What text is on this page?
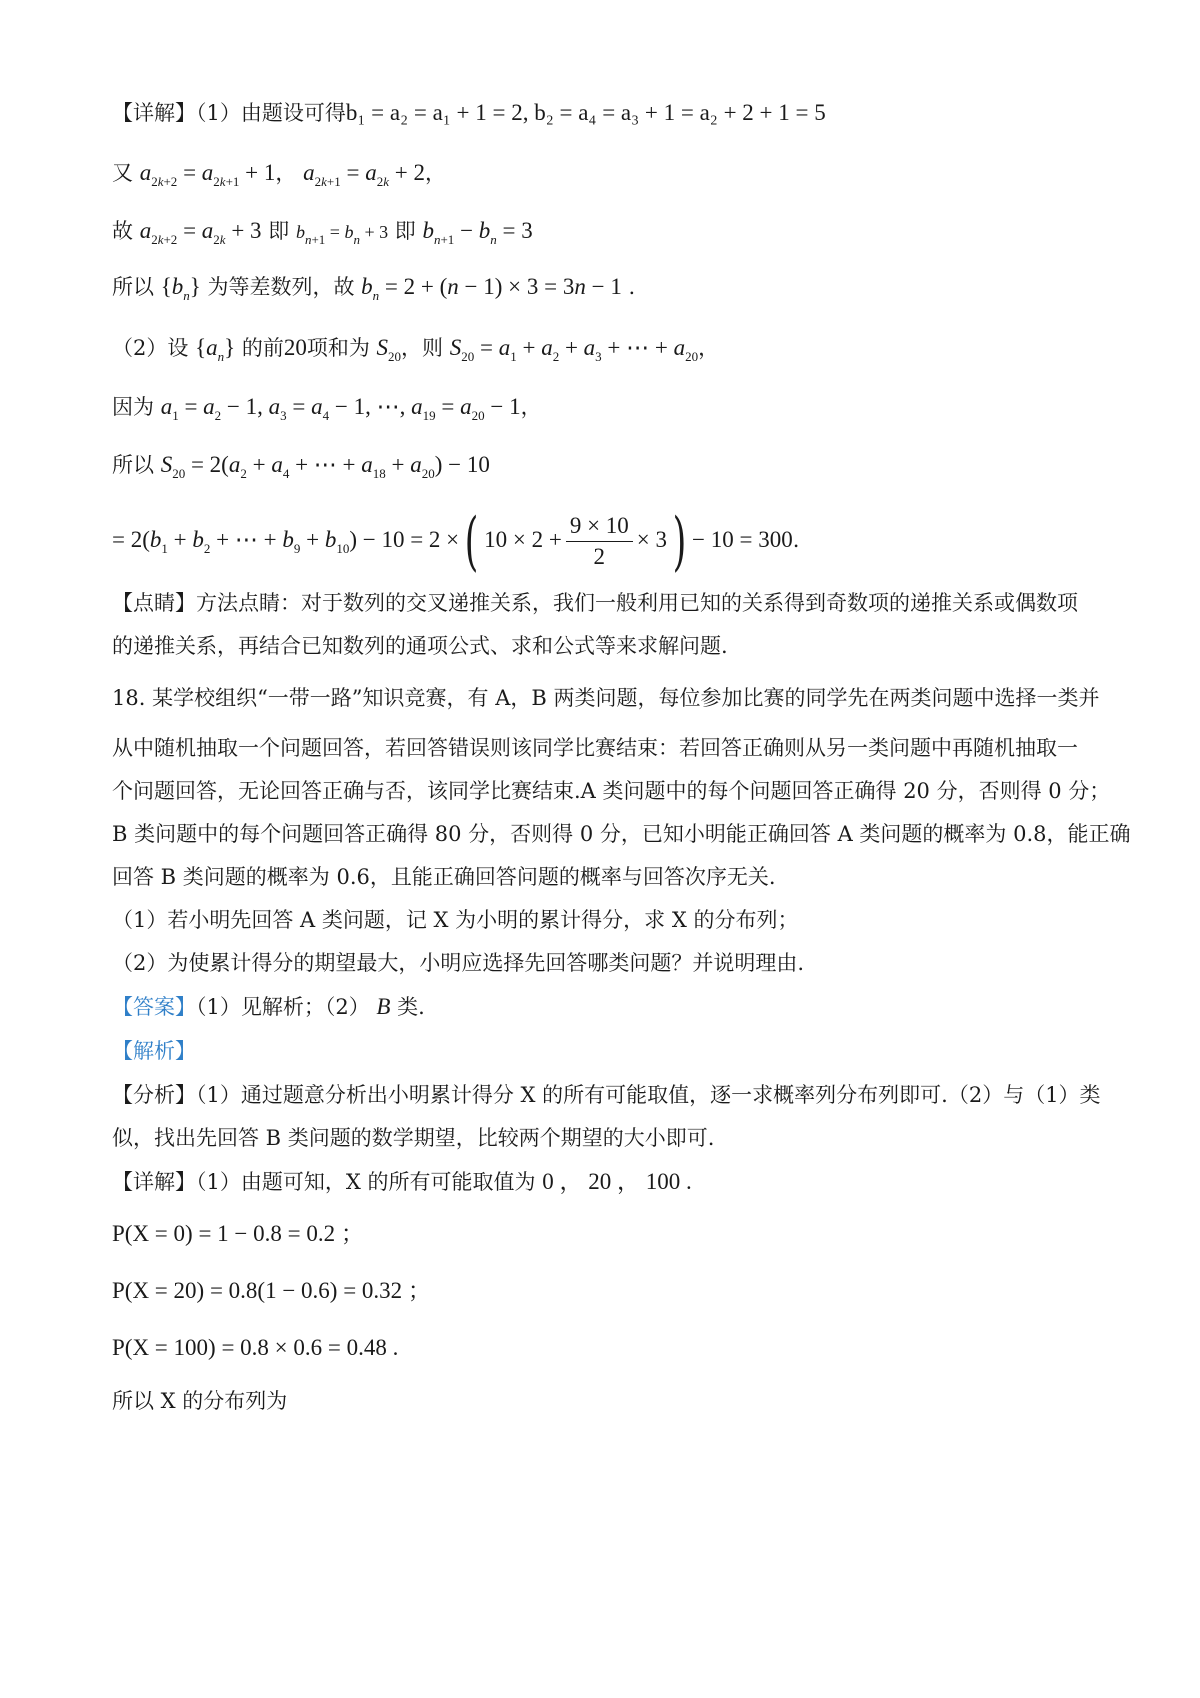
【详解】（1）由题设可得b₁ = a₂ = a₁ + 1 = 2, b₂ = a₄ = a₃ + 1 = a₂ + 2 + 1 = 5
又 $a_{2k+2} = a_{2k+1} + 1$， $a_{2k+1} = a_{2k} + 2$，
故 $a_{2k+2} = a_{2k} + 3$ 即 $b_{n+1} = b_n + 3$ 即 $b_{n+1} - b_n = 3$
所以 $\{b_n\}$ 为等差数列，故 $b_n = 2 + (n - 1) \times 3 = 3n - 1$ .
（2）设 $\{a_n\}$ 的前20项和为 $S_{20}$，则 $S_{20} = a_1 + a_2 + a_3$ + ⋯ + $a_{20}$，
因为 $a_1 = a_2 - 1$, $a_3 = a_4 - 1$, ⋯, $a_{19} = a_{20} - 1$，
所以 $S_{20} = 2(a_2 + a_4$ + ⋯ + $a_{18} + a_{20}) - 10$
= $2(b_1 + b_2$ + ⋯ + $b_9 + b_{10}) - 10 = 2$ ×( $10 \times 2 + \frac{9 \times 10}{2} \times 3) - 10 = 300$.
【点睛】方法点睛：对于数列的交叉递推关系，我们一般利用已知的关系得到奇数项的递推关系或偶数项
的递推关系，再结合已知数列的通项公式、求和公式等来求解问题.
18. 某学校组织“一带一路”知识竞赛，有 A，B 两类问题，每位参加比赛的同学先在两类问题中选择一类并
从中随机抽取一个问题回答，若回答错误则该同学比赛结束：若回答正确则从另一类问题中再随机抽取一
个问题回答，无论回答正确与否，该同学比赛结束.A 类问题中的每个问题回答正确得 20 分，否则得 0 分；
B 类问题中的每个问题回答正确得 80 分，否则得 0 分，已知小明能正确回答 A 类问题的概率为 0.8，能正确
回答 B 类问题的概率为 0.6，且能正确回答问题的概率与回答次序无关.
（1）若小明先回答 A 类问题，记 X 为小明的累计得分，求 X 的分布列；
（2）为使累计得分的期望最大，小明应选择先回答哪类问题？并说明理由.
【答案】（1）见解析；（2） B 类.
【解析】
【分析】（1）通过题意分析出小明累计得分 X 的所有可能取值，逐一求概率列分布列即可.（2）与（1）类
似，找出先回答 B 类问题的数学期望，比较两个期望的大小即可.
【详解】（1）由题可知，X 的所有可能取值为 0 ， 20 ， 100 .
P(X = 0) = 1 − 0.8 = 0.2 ；
P(X = 20) = 0.8(1 − 0.6) = 0.32 ；
P(X = 100) = 0.8 × 0.6 = 0.48 .
所以 X 的分布列为
